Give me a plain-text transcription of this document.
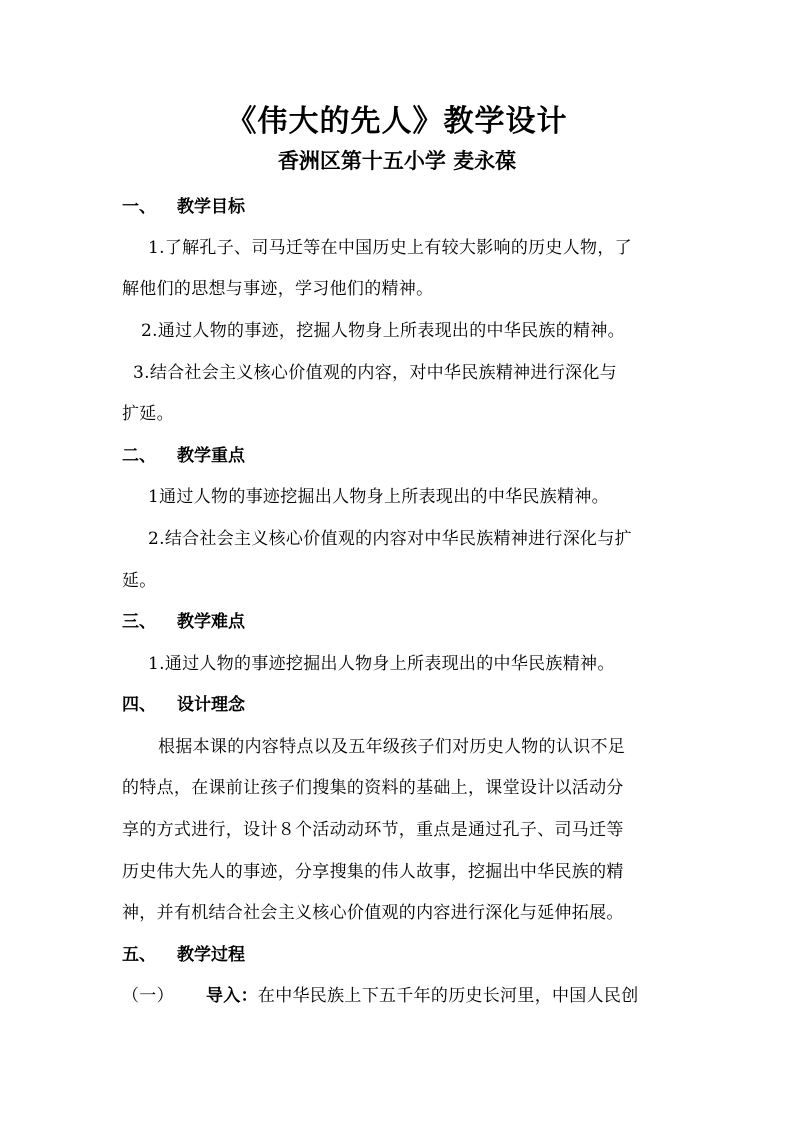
《伟大的先人》教学设计
香洲区第十五小学 麦永葆
一、 教学目标
1.了解孔子、司马迁等在中国历史上有较大影响的历史人物，了
解他们的思想与事迹，学习他们的精神。
2.通过人物的事迹，挖掘人物身上所表现出的中华民族的精神。
3.结合社会主义核心价值观的内容，对中华民族精神进行深化与
扩延。
二、 教学重点
1通过人物的事迹挖掘出人物身上所表现出的中华民族精神。
2.结合社会主义核心价值观的内容对中华民族精神进行深化与扩
延。
三、 教学难点
1.通过人物的事迹挖掘出人物身上所表现出的中华民族精神。
四、 设计理念
根据本课的内容特点以及五年级孩子们对历史人物的认识不足
的特点，在课前让孩子们搜集的资料的基础上，课堂设计以活动分
享的方式进行，设计８个活动动环节，重点是通过孔子、司马迁等
历史伟大先人的事迹，分享搜集的伟人故事，挖掘出中华民族的精
神，并有机结合社会主义核心价值观的内容进行深化与延伸拓展。
五、 教学过程
（一） 导入：在中华民族上下五千年的历史长河里，中国人民创
